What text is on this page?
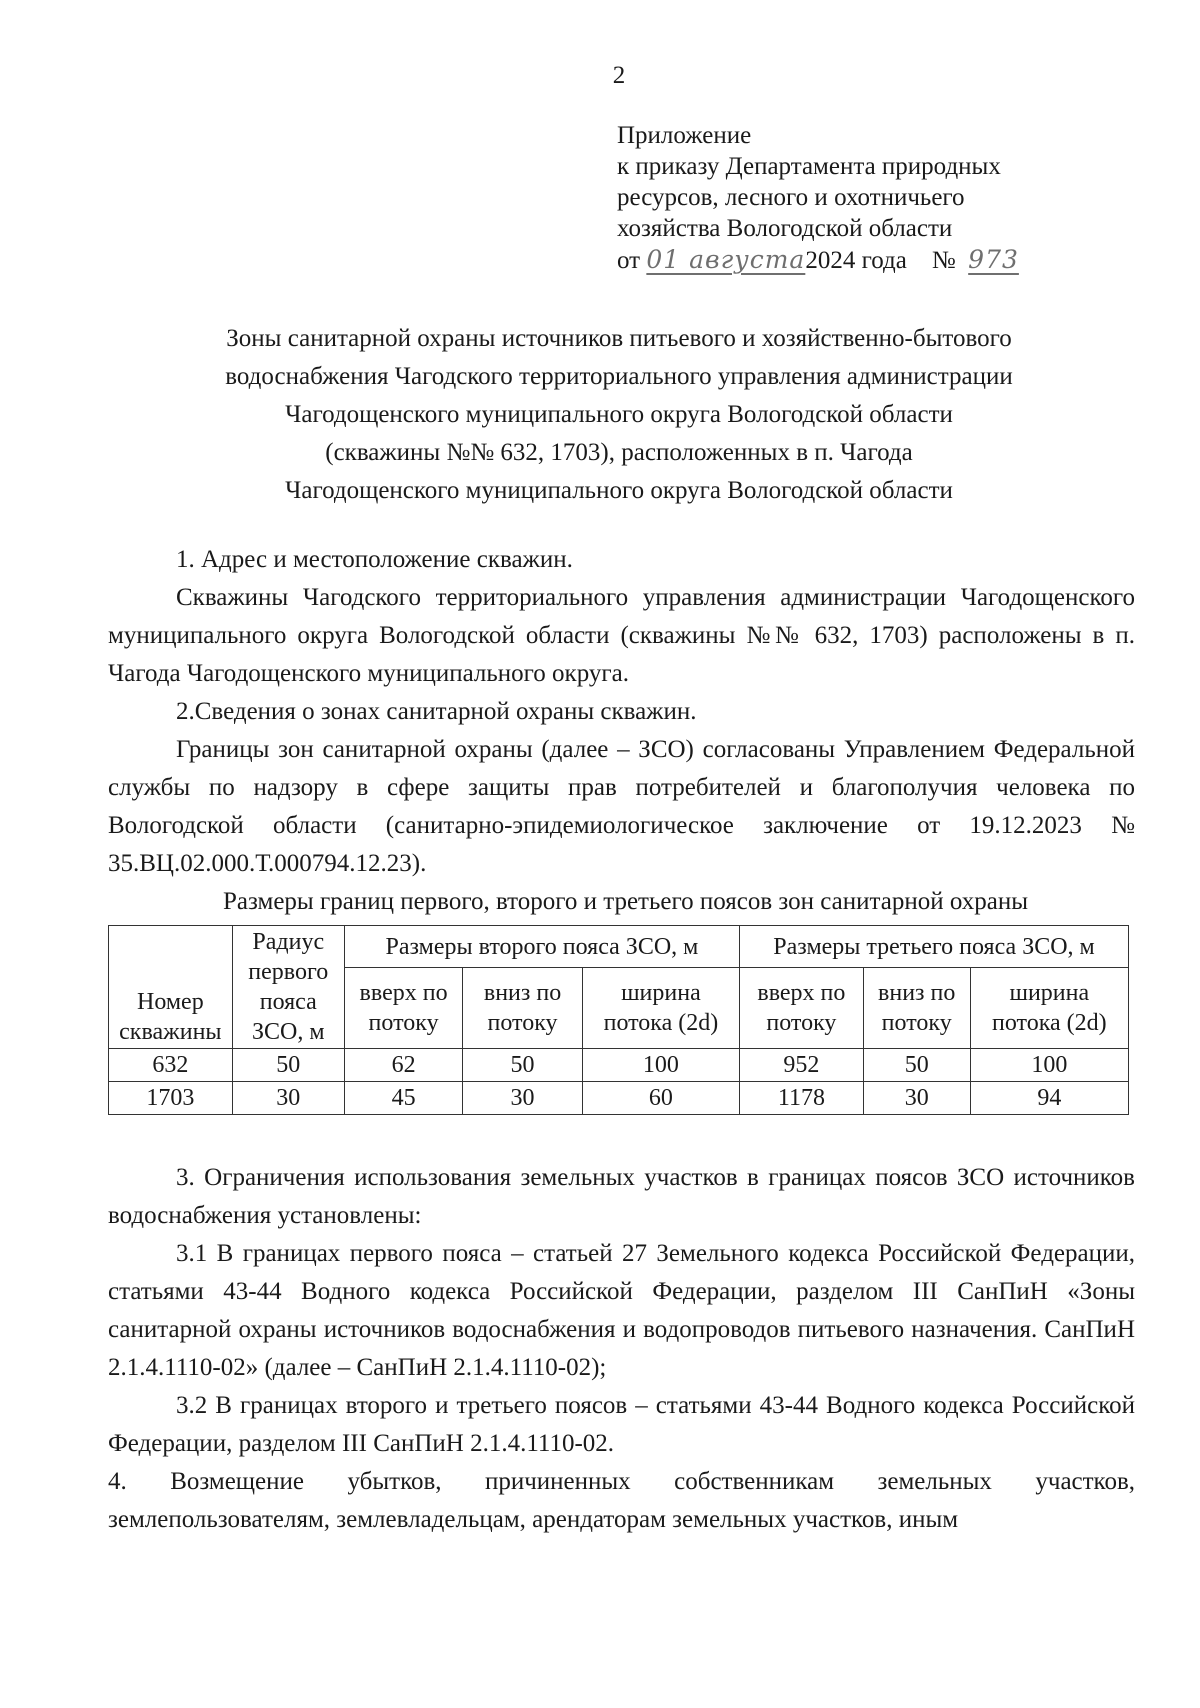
2
Приложение
к приказу Департамента природных
ресурсов, лесного и охотничьего
хозяйства Вологодской области
от 01 августа2024 года № 973
Зоны санитарной охраны источников питьевого и хозяйственно-бытового
водоснабжения Чагодского территориального управления администрации
Чагодощенского муниципального округа Вологодской области
(скважины №№ 632, 1703), расположенных в п. Чагода
Чагодощенского муниципального округа Вологодской области

1. Адрес и местоположение скважин.

Скважины Чагодского территориального управления администрации Чагодощенского муниципального округа Вологодской области (скважины №№ 632, 1703) расположены в п. Чагода Чагодощенского муниципального округа.

2.Сведения о зонах санитарной охраны скважин.

Границы зон санитарной охраны (далее – ЗСО) согласованы Управлением Федеральной службы по надзору в сфере защиты прав потребителей и благополучия человека по Вологодской области (санитарно-эпидемиологическое заключение от 19.12.2023 № 35.ВЦ.02.000.Т.000794.12.23).

Размеры границ первого, второго и третьего поясов зон санитарной охраны

Номер скважины	Радиус первого пояса ЗСО, м	Размеры второго пояса ЗСО, м			Размеры третьего пояса ЗСО, м		
		вверх по потоку	вниз по потоку	ширина потока (2d)	вверх по потоку	вниз по потоку	ширина потока (2d)
632	50	62	50	100	952	50	100
1703	30	45	30	60	1178	30	94

3. Ограничения использования земельных участков в границах поясов ЗСО источников водоснабжения установлены:

3.1 В границах первого пояса – статьей 27 Земельного кодекса Российской Федерации, статьями 43-44 Водного кодекса Российской Федерации, разделом III СанПиН «Зоны санитарной охраны источников водоснабжения и водопроводов питьевого назначения. СанПиН 2.1.4.1110-02» (далее – СанПиН 2.1.4.1110-02);

3.2 В границах второго и третьего поясов – статьями 43-44 Водного кодекса Российской Федерации, разделом III СанПиН 2.1.4.1110-02.

4. Возмещение убытков, причиненных собственникам земельных участков, землепользователям, землевладельцам, арендаторам земельных участков, иным
